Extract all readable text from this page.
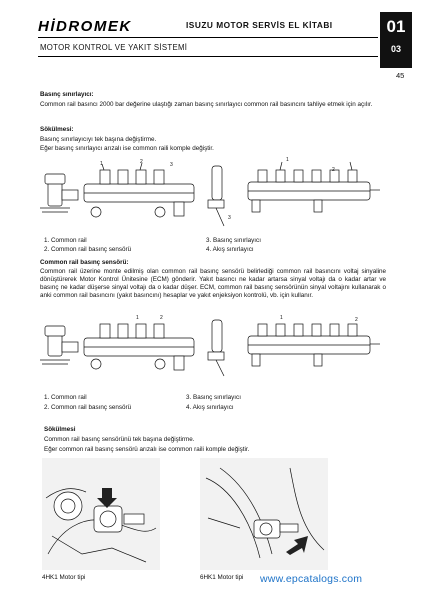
HİDROMEK	ISUZU MOTOR SERVİS EL KİTABI
MOTOR KONTROL VE YAKIT SİSTEMİ
01
03
45
Basınç sınırlayıcı:
Common rail basıncı 2000 bar değerine ulaştığı zaman basınç sınırlayıcı common rail basıncını tahliye etmek için açılır.
Sökülmesi:
Basınç sınırlayıcıyı tek başına değiştirme.
Eğer basınç sınırlayıcı arızalı ise common raili komple değiştir.
1	2	3
1
2
3
1. Common rail
2. Common rail basınç sensörü
3. Basınç sınırlayıcı
4. Akış sınırlayıcı
Common rail basınç sensörü:
Common rail üzerine monte edilmiş olan common rail basınç sensörü belirlediği common rail basıncını voltaj sinyaline dönüştürerek Motor Kontrol Ünitesine (ECM) gönderir. Yakıt basıncı ne kadar artarsa sinyal voltajı da o kadar artar ve basınç ne kadar düşerse sinyal voltajı da o kadar düşer. ECM, common rail basınç sensörünün sinyal voltajını kullanarak o anki common rail basıncını (yakıt basıncını) hesaplar ve yakıt enjeksiyon kontrolü, vb. için kullanır.
1	2	1	2
1. Common rail
2. Common rail basınç sensörü
3. Basınç sınırlayıcı
4. Akış sınırlayıcı
Sökülmesi
Common rail basınç sensörünü tek başına değiştirme.
Eğer common rail basınç sensörü arızalı ise common raili komple değiştir.
4HK1 Motor tipi	6HK1 Motor tipi www.epcatalogs.com
